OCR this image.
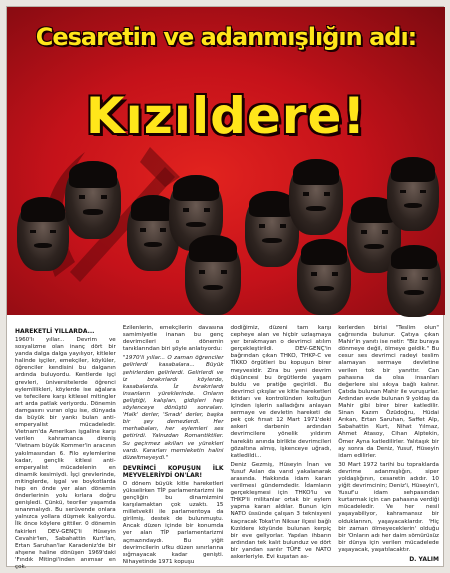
Cesaretin ve adanmışlığın adı:
Kızıldere!
HAREKETLİ YILLARDA...

1960'lı yıllar... Devrim ve sosyalizme olan inanç dört bir yanda dalga dalga yayılıyor, kitleler halinde işçiler, emekçiler, köylüler, öğrenciler kendisini bu dalganın ardında buluyordu. Kentlerde işçi grevleri, üniversitelerde öğrenci eylemlilikleri, köylerde ise ağalara ve tefecilere karşı kitlesel mitingler art arda patlak veriyordu. Dönemin damgasını vuran olgu ise, dünyada da büyük bir yankı bulan anti-emperyalist mücadeledir. Vietnam'da Amerikan işgaline karşı verilen kahramanca direniş 'Vietnam büyük Kommer'in aracının yakılmasından 6. Filo eylemlerine kadar, gençlik kitlesi anti-emperyalist mücadelenin en dinamik kesimiydi. İşçi grevlerinde, mitinglerde, işgal ve boykotlarda hep en önde yer alan dönemin önderlerinin yolu kırlara doğru genişledi. Çünkü, teoriler yaşamda sınanmalıydı. Bu serüvende onlara yalnızca yollara düşmek kalıyordu. İlk önce köylere gittiler. 0 dönemin fakirleri DEV-GENÇ'li Hüseyin Cevahir'len, Sabahattin Kurt'lan, Ertan Saruhan'lar Karadeniz'de bir ahşene haline dönüşen 1969'daki 'Fındık Mitingi'inden anımsar en çok.

Ezilenlerin, emekçilerin davasına samimiyetle inanan bu genç devrimcileri o dönemin tanıklarından biri şöyle anlatıyordu:

"1970'li yıllar... O zaman öğrenciler gelirlerdi kasabalara... Büyük şehirlerden gelirlerdi. Gelirlerdi ve iz bırakırlardı köylerde, kasabalarda. İz bırakırlardı insanların yüreklerinde. Onların geliştiği, kalışları, gidişleri hep söylenceye dönüştü sonraları. 'Halk' derler, 'Sıradı' derler, başka bir şey demezlerdi. Her merhabaları, her eylemleri ses getirirdi. Yalnızdan Romantiktiler. Su geçirmez akılları ve yürekleri vardı. Kararları memleketin halini düzeltmeyeydi."

DEVRİMCİ KOPUŞUN İLK MEYVELERİYDİ ON'LAR!

O dönem büyük kitle hareketleri yükselirken TİP parlamentarizmi ile gençliğin bu dinamizmini karşılamaktan çok uzaktı. 15 milletvekili ile parlamentoya da girilmiş, destek de bulunmuştu. Ancak düzen içinde bir konumda yer alan TİP parlamentarizmi açmazındaydı. Bu yiğit devrimcilerin ufku düzen sınırlarına sığmayacak kadar genişti. Nihayetinde 1971 kopuşu

dodiğimiz, düzeni tam karşı cepheye alan ve hiçbir uzlaşmaya yer bırakmayan o devrimci atılım gerçekleştirildi. DEV-GENÇ'in bağrından çıkan THKO, THKP-C ve TİKKO örgütleri bu kopuşun birer meyvesidir. Zira bu yeni devrim düşüncesi bu örgütlerde yaşam buldu ve pratiğe geçirildi. Bu devrimci çıkışlar ve kitle hareketleri iktidarı ve kontrolünden koltuğun içinden işlerin salladığını anlayan sermaye ve devletin hareketi de pek çok fırsat 12 Mart 1971'deki askeri darbenin ardından devrimcilere yönelik yıldırım harekâtı anında birlikte devrimcileri gözaltına almış, işkenceye uğradı, katledildi...

Deniz Gezmiş, Hüseyin İnan ve Yusuf Aslan da varıd yakalanarak arasında. Hakkında idam kararı verilmesi gündemdedir. İdamların gerçekleşmesi için THKO'lu ve THKP'li militanlar ortak bir eylem yapma kararı aldılar. Bunun için NATO üssünde çalışan 3 teknisyeni kaçıracak Tokat'ın Niksar ilçesi bağlı Kızıldere köyünde bulunan kerpiç bir eve geliyorlar. Yapılan ihbarın ardından tek kalıt bulunduz ve dört bir yandan sarılır TÜFE ve NATO askerleriyle. Evi kuşatan as-

kerlerden birisi "Teslim olun" çağrısında bulunur. Çatıya çıkan Mahir'in yanıtı ise netir: "Biz buraya dönmeye değil, ölmeye geldik." Bu cesur ses devrimci radeyi teslim alamayan sermaye devletine verilen tok bir yanıttır. Can pahasına da olsa insanları değerlere sisi sıkıya bağlı kalınır. Çatıda bulunan Mahir ile vuruşurlar. Ardından evde bulunan 9 yoldaş da Mahir gibi birer birer katledilir. Sinan Kazım Özüdoğru, Hüdai Arıkan, Ertan Saruhan, Saffet Alp, Sabahattin Kurt, Nihat Yılmaz, Ahmet Atasoy, Cihan Alptekin, Ömer Ayna katledilirler. Yalıtaşık bir ay sonra da Deniz, Yusuf, Hüseyin idam edilirler.

30 Mart 1972 tarihi bu topraklarda devrime adanmışlığın, siper yoldaşlığının, cesaretin adıdır. 10 yiğit devrimcinin; Deniz'i, Hüseyin'i, Yusuf'u idam sehpasından kurtarmak için can pahasına verdiği mücadeledir. Ve her nesil yaşayabiliyor, kahramansız bir olduklarının, yaşayacaklardır. 'Hiç bir zaman ölmeyeceklerin' olduğu bir 'Onların adı her daim sömürüsüz bir dünya için verilen mücadelede yaşayacak, yaşatılacaktır.

D. YALIM
